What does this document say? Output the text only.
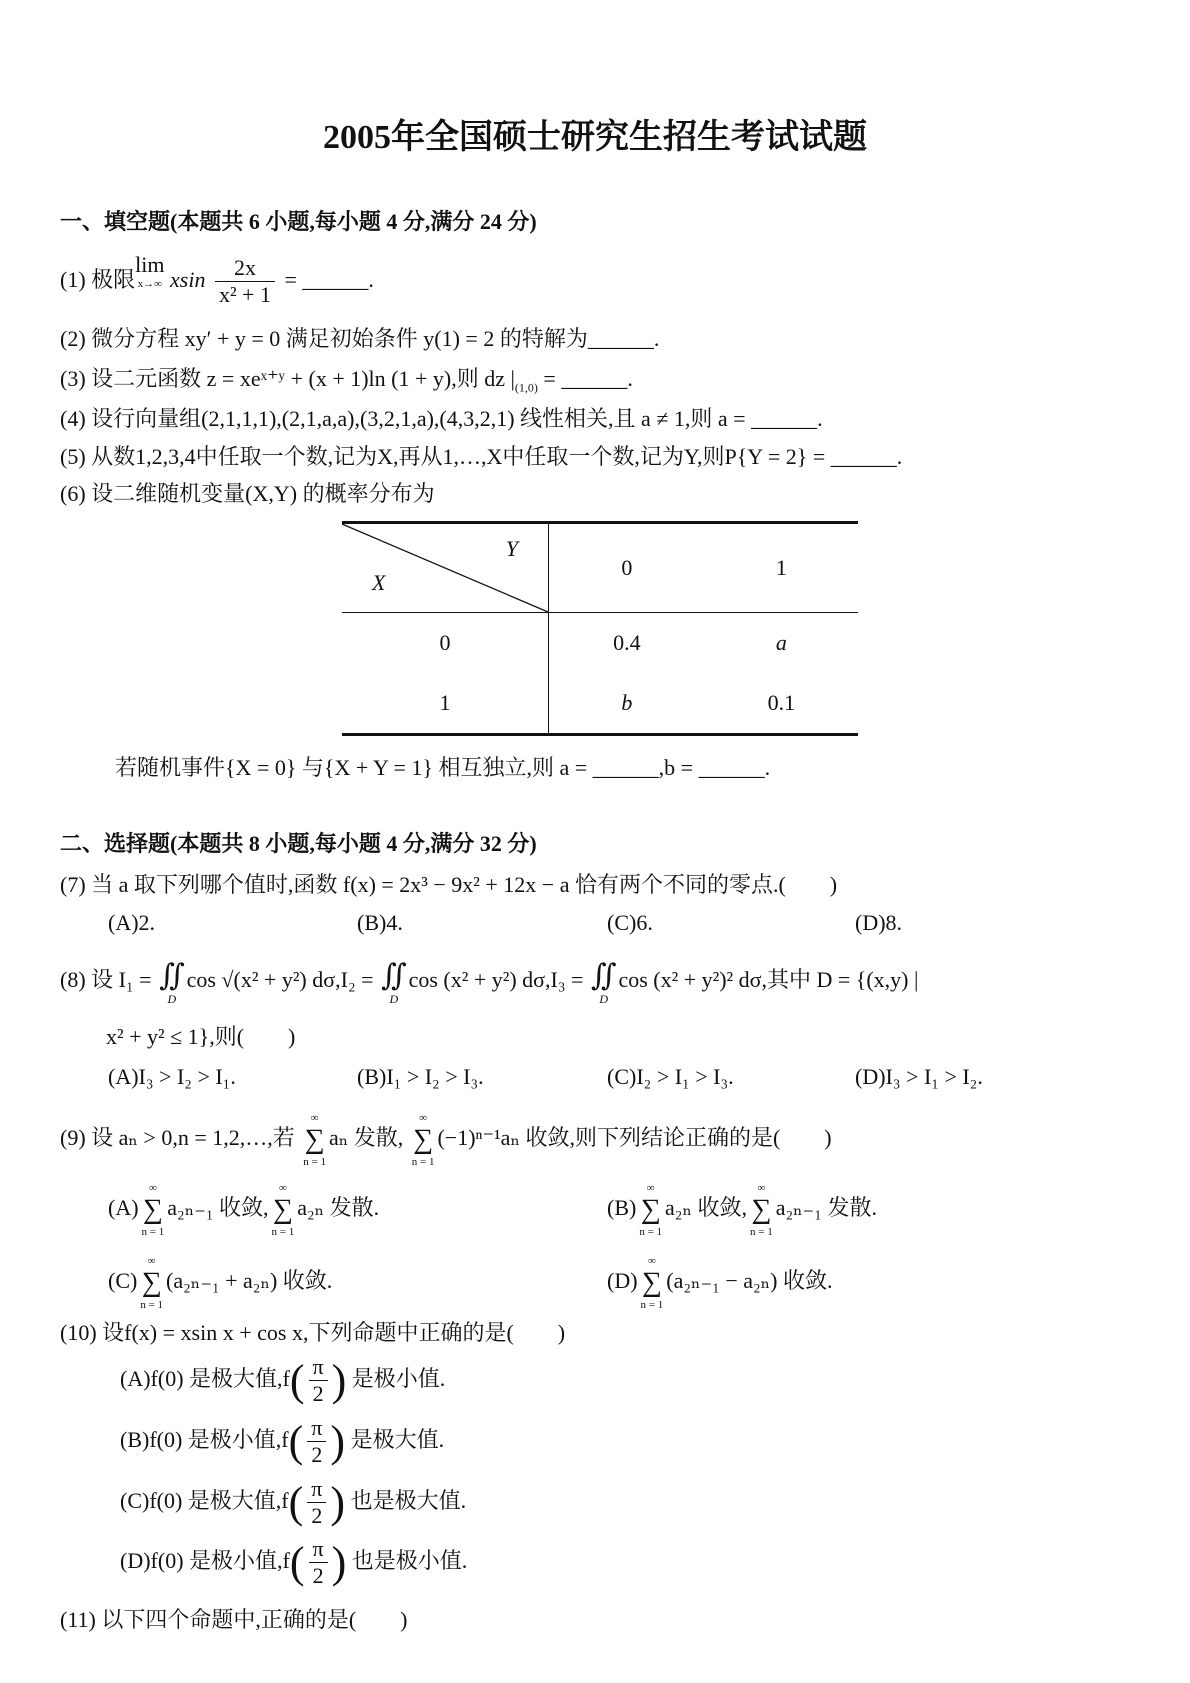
2005年全国硕士研究生招生考试试题
一、填空题(本题共 6 小题,每小题 4 分,满分 24 分)
(1) 极限lim
x→∞ xsin $\frac{2x}{\text{x² + 1}}$ = ______.
(2) 微分方程 xy′ + y = 0 满足初始条件 y(1) = 2 的特解为______.
(3) 设二元函数 z = xeˣ⁺ʸ + (x + 1)ln (1 + y),则 dz $|_{(1,0)}$ = ______.
(4) 设行向量组(2,1,1,1),(2,1,a,a),(3,2,1,a),(4,3,2,1) 线性相关,且 a ≠ 1,则 a = ______.
(5) 从数1,2,3,4中任取一个数,记为X,再从1,…,X中任取一个数,记为Y,则P{Y = 2} = ______.
(6) 设二维随机变量(X,Y) 的概率分布为
Y
X	0	1
0	0.4	a
1	b	0.1
若随机事件{X = 0} 与{X + Y = 1} 相互独立,则 a = ______,b = ______.
二、选择题(本题共 8 小题,每小题 4 分,满分 32 分)
(7) 当 a 取下列哪个值时,函数 f(x) = 2x³ − 9x² + 12x − a 恰有两个不同的零点.(　　)
(A)2.	(B)4.	(C)6.	(D)8.
(8) 设 I₁ = ∬
D
cos √(x² + y²) dσ,I₂ = ∬
D
cos (x² + y²) dσ,I₃ = ∬
D
cos (x² + y²)² dσ,其中 D = {(x,y) |
x² + y² ≤ 1},则(　　)
(A)I₃ > I₂ > I₁.	(B)I₁ > I₂ > I₃.	(C)I₂ > I₁ > I₃.	(D)I₃ > I₁ > I₂.
(9) 设 aₙ > 0,n = 1,2,…,若
∞
∑
n = 1
aₙ 发散,
∞
∑
n = 1
(−1)ⁿ⁻¹aₙ 收敛,则下列结论正确的是(　　)
(A)
∞
∑
n = 1
a₂ₙ₋₁ 收敛,
∞
∑
n = 1
a₂ₙ 发散.	(B)
∞
∑
n = 1
a₂ₙ 收敛,
∞
∑
n = 1
a₂ₙ₋₁ 发散.
(C)
∞
∑
n = 1
(a₂ₙ₋₁ + a₂ₙ) 收敛.	(D)
∞
∑
n = 1
(a₂ₙ₋₁ − a₂ₙ) 收敛.
(10) 设f(x) = xsin x + cos x,下列命题中正确的是(　　)
(A)f(0) 是极大值$,f( \frac{\pi}{2}$ ) 是极小值.
(B)f(0) 是极小值$,f( \frac{\pi}{2}$ ) 是极大值.
(C)f(0) 是极大值$,f( \frac{\pi}{2}$ ) 也是极大值.
(D)f(0) 是极小值$,f( \frac{\pi}{2}$ ) 也是极小值.
(11) 以下四个命题中,正确的是(　　)
